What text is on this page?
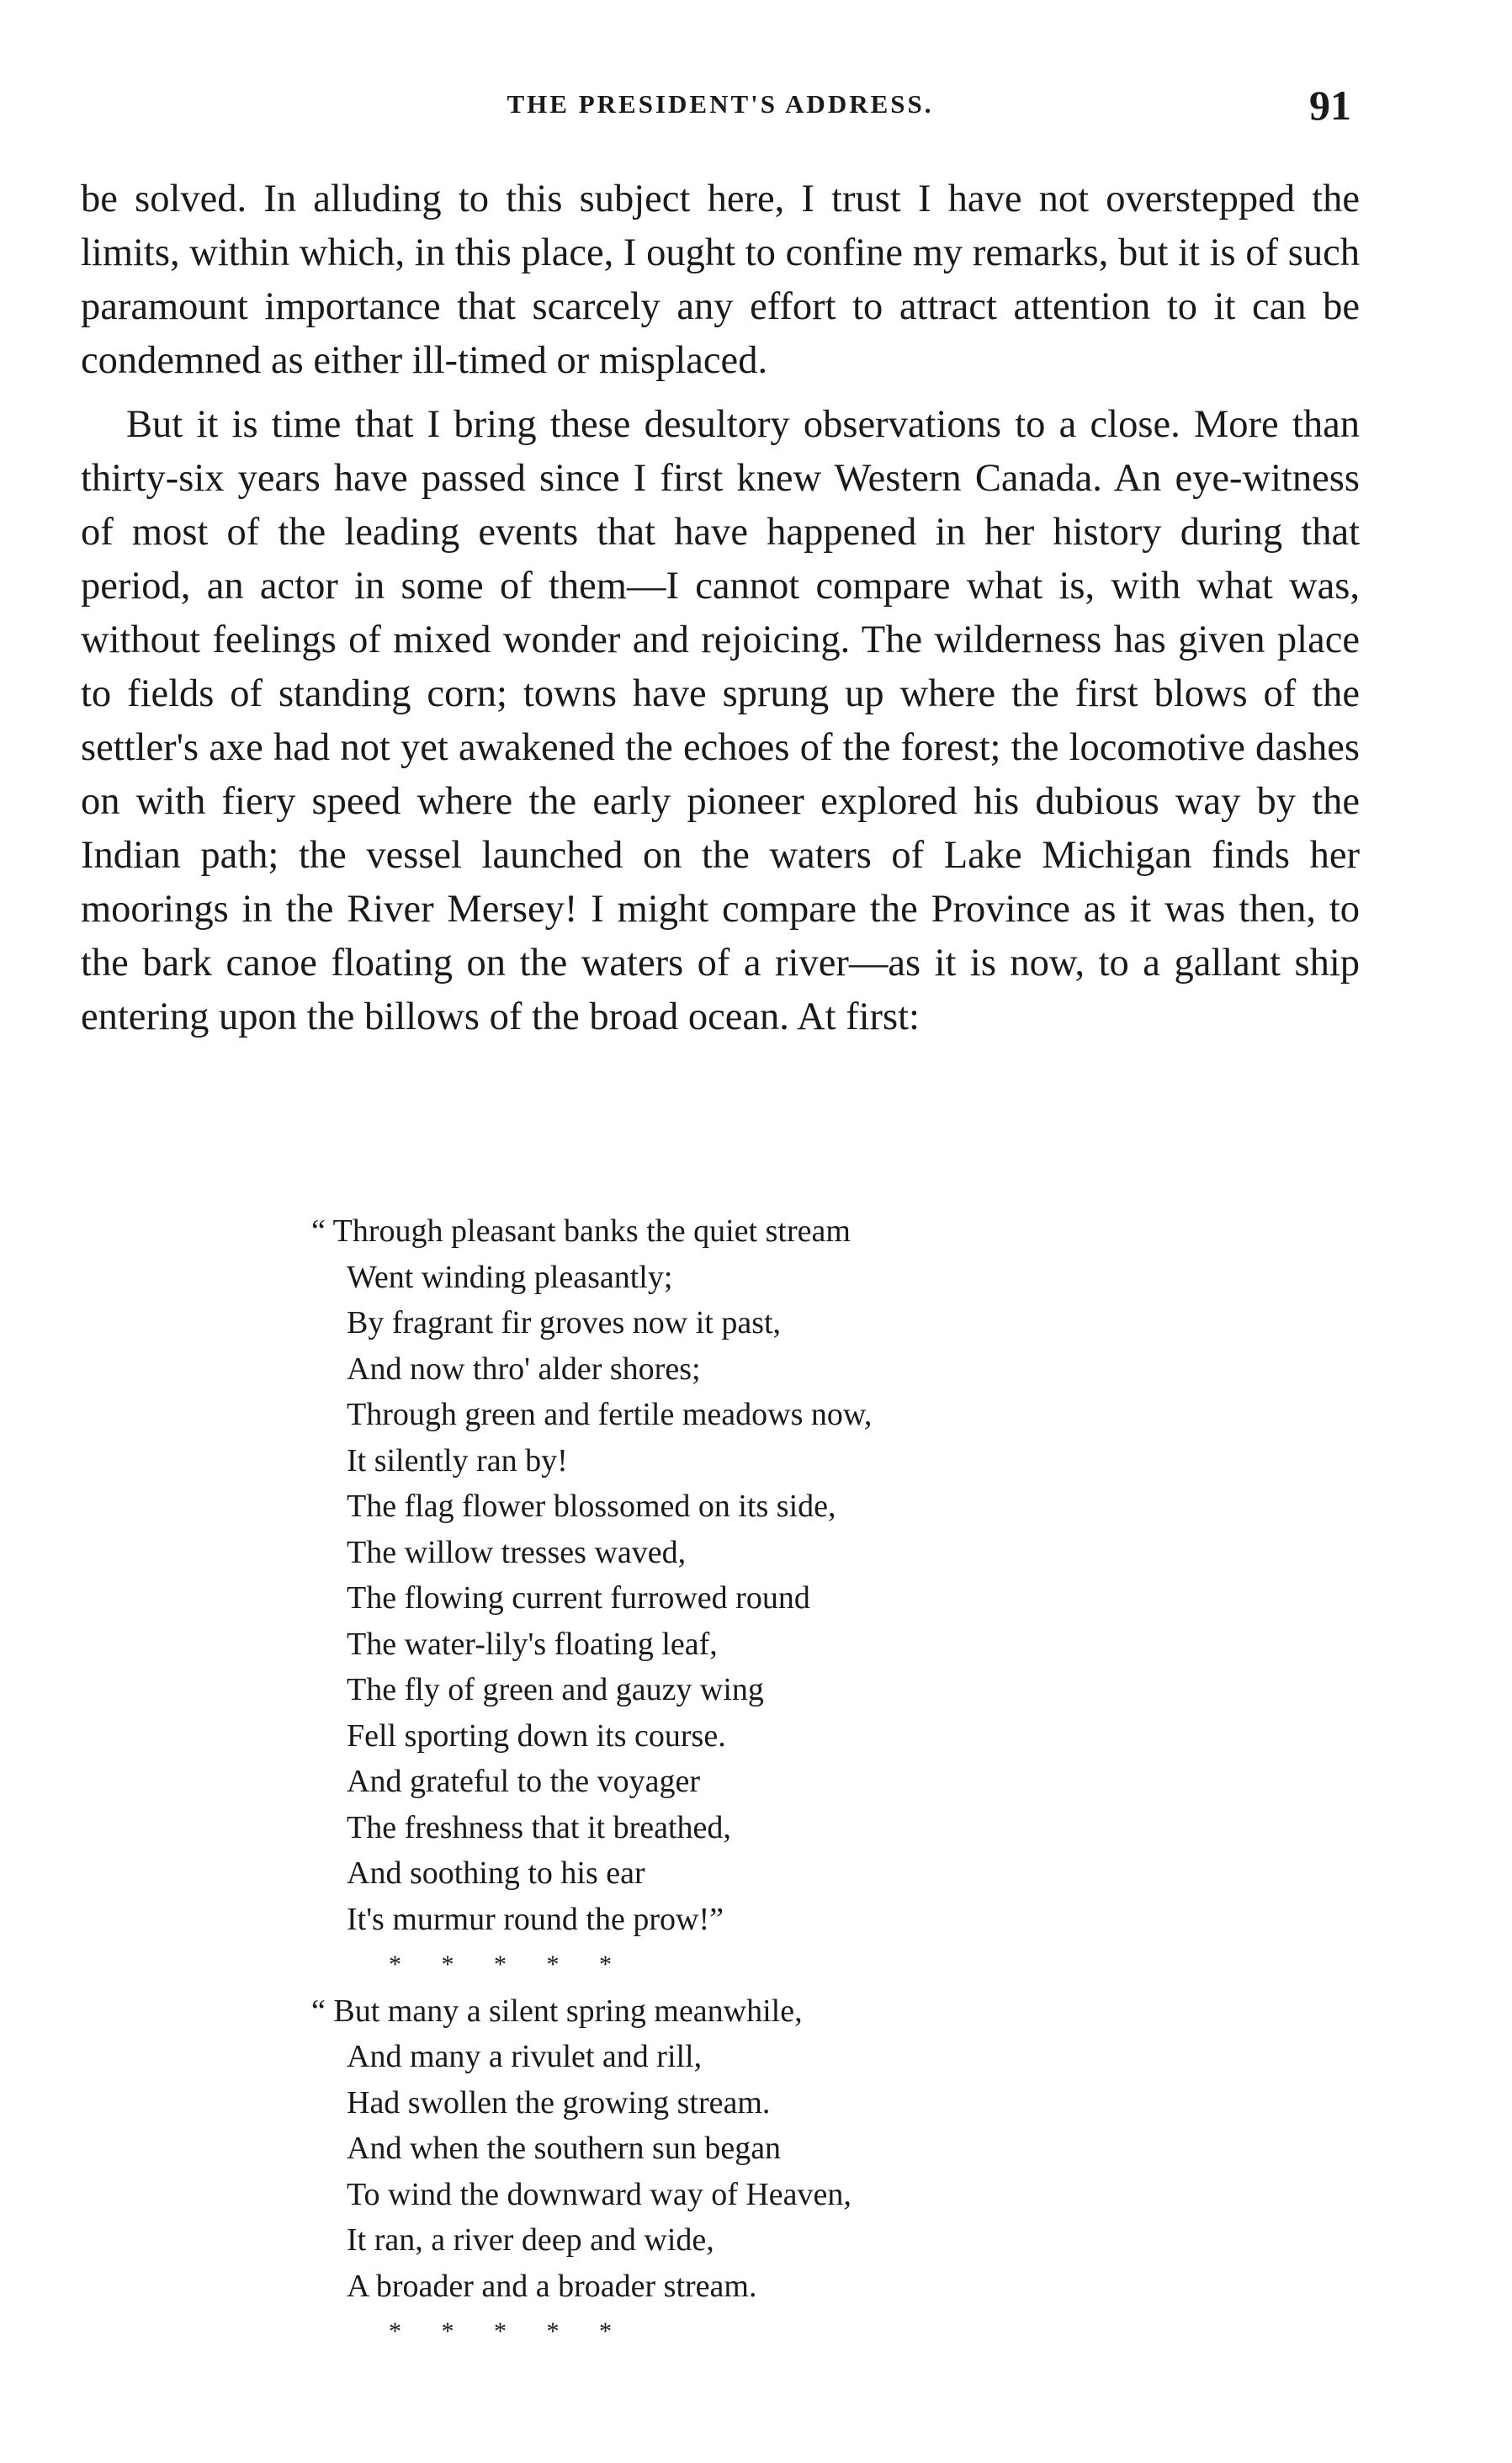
THE PRESIDENT'S ADDRESS.	91

be solved. In alluding to this subject here, I trust I have not overstepped the limits, within which, in this place, I ought to confine my remarks, but it is of such paramount importance that scarcely any effort to attract attention to it can be condemned as either ill-timed or misplaced.

But it is time that I bring these desultory observations to a close. More than thirty-six years have passed since I first knew Western Canada. An eye-witness of most of the leading events that have happened in her history during that period, an actor in some of them—I cannot compare what is, with what was, without feelings of mixed wonder and rejoicing. The wilderness has given place to fields of standing corn; towns have sprung up where the first blows of the settler's axe had not yet awakened the echoes of the forest; the locomotive dashes on with fiery speed where the early pioneer explored his dubious way by the Indian path; the vessel launched on the waters of Lake Michigan finds her moorings in the River Mersey! I might compare the Province as it was then, to the bark canoe floating on the waters of a river—as it is now, to a gallant ship entering upon the billows of the broad ocean. At first:

“ Through pleasant banks the quiet stream
Went winding pleasantly;
By fragrant fir groves now it past,
And now thro' alder shores;
Through green and fertile meadows now,
It silently ran by!
The flag flower blossomed on its side,
The willow tresses waved,
The flowing current furrowed round
The water-lily's floating leaf,
The fly of green and gauzy wing
Fell sporting down its course.
And grateful to the voyager
The freshness that it breathed,
And soothing to his ear
It's murmur round the prow!”
* * * * *
“ But many a silent spring meanwhile,
And many a rivulet and rill,
Had swollen the growing stream.
And when the southern sun began
To wind the downward way of Heaven,
It ran, a river deep and wide,
A broader and a broader stream.
* * * * *
